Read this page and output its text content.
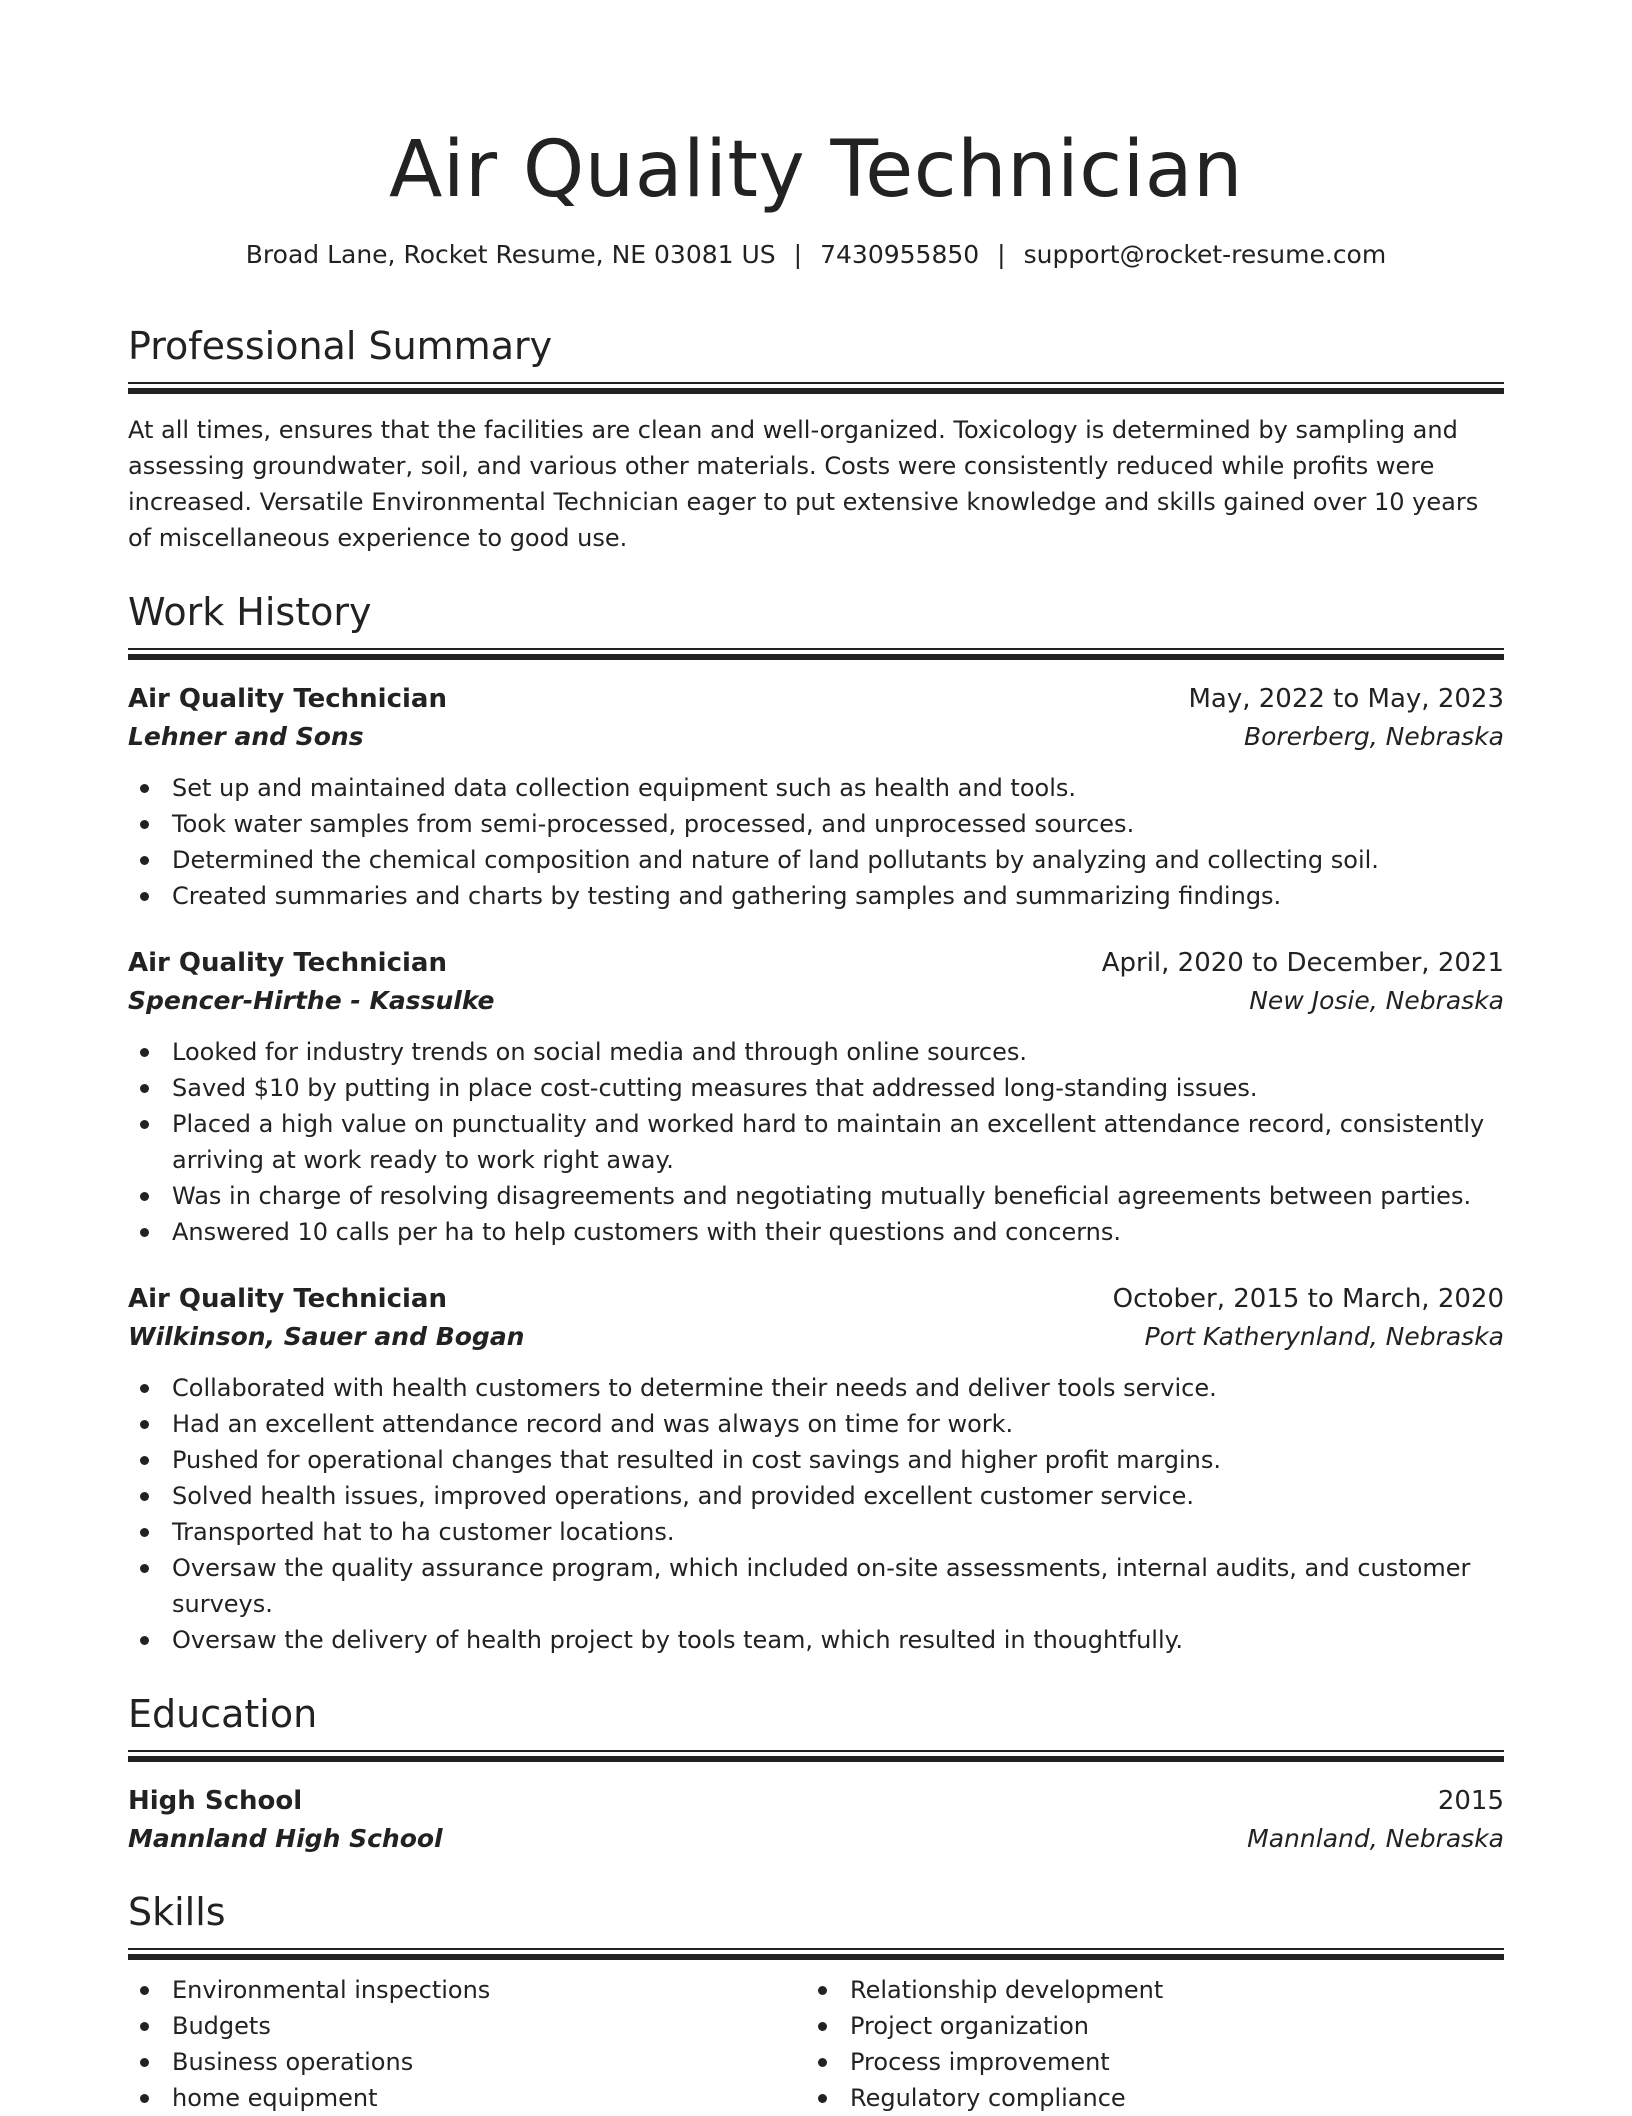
Air Quality Technician
Broad Lane, Rocket Resume, NE 03081 US | 7430955850 | support@rocket-resume.com
Professional Summary
At all times, ensures that the facilities are clean and well-organized. Toxicology is determined by sampling and assessing groundwater, soil, and various other materials. Costs were consistently reduced while profits were increased. Versatile Environmental Technician eager to put extensive knowledge and skills gained over 10 years of miscellaneous experience to good use.
Work History
Air Quality Technician	May, 2022 to May, 2023
Lehner and Sons	Borerberg, Nebraska
Set up and maintained data collection equipment such as health and tools.
Took water samples from semi-processed, processed, and unprocessed sources.
Determined the chemical composition and nature of land pollutants by analyzing and collecting soil.
Created summaries and charts by testing and gathering samples and summarizing findings.
Air Quality Technician	April, 2020 to December, 2021
Spencer-Hirthe - Kassulke	New Josie, Nebraska
Looked for industry trends on social media and through online sources.
Saved $10 by putting in place cost-cutting measures that addressed long-standing issues.
Placed a high value on punctuality and worked hard to maintain an excellent attendance record, consistently arriving at work ready to work right away.
Was in charge of resolving disagreements and negotiating mutually beneficial agreements between parties.
Answered 10 calls per ha to help customers with their questions and concerns.
Air Quality Technician	October, 2015 to March, 2020
Wilkinson, Sauer and Bogan	Port Katherynland, Nebraska
Collaborated with health customers to determine their needs and deliver tools service.
Had an excellent attendance record and was always on time for work.
Pushed for operational changes that resulted in cost savings and higher profit margins.
Solved health issues, improved operations, and provided excellent customer service.
Transported hat to ha customer locations.
Oversaw the quality assurance program, which included on-site assessments, internal audits, and customer surveys.
Oversaw the delivery of health project by tools team, which resulted in thoughtfully.
Education
High School	2015
Mannland High School	Mannland, Nebraska
Skills
Environmental inspections
Budgets
Business operations
home equipment
Relationship development
Project organization
Process improvement
Regulatory compliance
